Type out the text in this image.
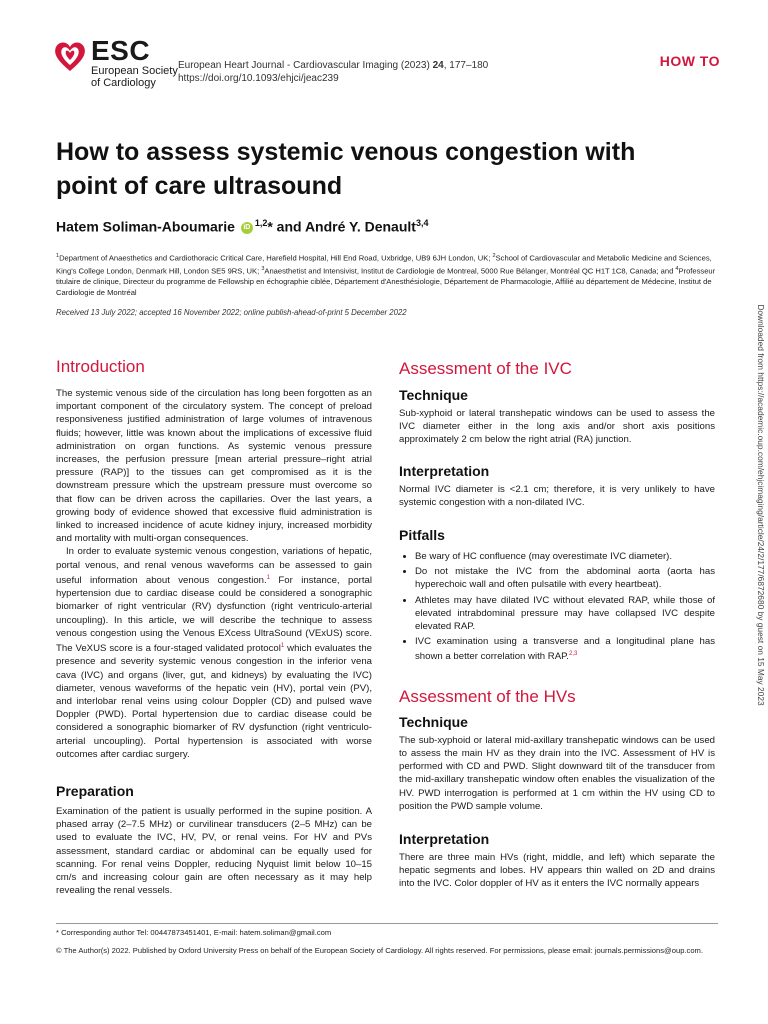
ESC
European Society
of Cardiology
European Heart Journal - Cardiovascular Imaging (2023) 24, 177–180
https://doi.org/10.1093/ehjci/jeac239
HOW TO
How to assess systemic venous congestion with point of care ultrasound
Hatem Soliman-Aboumarie iD $^{1,2}$* and André Y. Denault$^{3,4}$
$^1$Department of Anaesthetics and Cardiothoracic Critical Care, Harefield Hospital, Hill End Road, Uxbridge, UB9 6JH London, UK; $^2$School of Cardiovascular and Metabolic Medicine and Sciences, King's College London, Denmark Hill, London SE5 9RS, UK; $^3$Anaesthetist and Intensivist, Institut de Cardiologie de Montreal, 5000 Rue Bélanger, Montréal QC H1T 1C8, Canada; and $^4$Professeur titulaire de clinique, Directeur du programme de Fellowship en échographie ciblée, Département d'Anesthésiologie, Département de Pharmacologie, Affilié au département de Médecine, Institut de Cardiologie de Montréal
Received 13 July 2022; accepted 16 November 2022; online publish-ahead-of-print 5 December 2022
Introduction

The systemic venous side of the circulation has long been forgotten as an important component of the circulatory system. The concept of preload responsiveness justified administration of large volumes of intravenous fluids; however, little was known about the implications of excessive fluid administration on organ functions. As systemic venous pressure increases, the perfusion pressure [mean arterial pressure–right atrial pressure (RAP)] to the tissues can get compromised as it is the downstream pressure which the upstream pressure must overcome so that flow can be driven across the capillaries. Over the last years, a growing body of evidence showed that excessive fluid administration is linked to increased incidence of acute kidney injury, increased morbidity and mortality with multi-organ consequences.

In order to evaluate systemic venous congestion, variations of hepatic, portal venous, and renal venous waveforms can be assessed to gain useful information about venous congestion.$^1$ For instance, portal hypertension due to cardiac disease could be considered a sonographic biomarker of right ventricular (RV) dysfunction (right ventriculo-arterial uncoupling). In this article, we will describe the technique to assess venous congestion using the Venous EXcess UltraSound (VExUS) score. The VeXUS score is a four-staged validated protocol$^1$ which evaluates the presence and severity systemic venous congestion in the inferior vena cava (IVC) and organs (liver, gut, and kidneys) by evaluating the IVC) diameter, venous waveforms of the hepatic vein (HV), portal vein (PV), and interlobar renal veins using colour Doppler (CD) and pulsed wave Doppler (PWD). Portal hypertension due to cardiac disease could be considered a sonographic biomarker of RV dysfunction (right ventriculo-arterial uncoupling). Portal hypertension is associated with worse outcomes after cardiac surgery.

Preparation

Examination of the patient is usually performed in the supine position. A phased array (2–7.5 MHz) or curvilinear transducers (2–5 MHz) can be used to evaluate the IVC, HV, PV, or renal veins. For HV and PVs assessment, standard cardiac or abdominal can be equally used for scanning. For renal veins Doppler, reducing Nyquist limit below 10–15 cm/s and increasing colour gain are often necessary as it may help revealing the renal vessels.

Assessment of the IVC
Technique

Sub-xyphoid or lateral transhepatic windows can be used to assess the IVC diameter either in the long axis and/or short axis positions approximately 2 cm below the right atrial (RA) junction.

Interpretation

Normal IVC diameter is <2.1 cm; therefore, it is very unlikely to have systemic congestion with a non-dilated IVC.

Pitfalls
• Be wary of HC confluence (may overestimate IVC diameter).
• Do not mistake the IVC from the abdominal aorta (aorta has hyperechoic wall and often pulsatile with every heartbeat).
• Athletes may have dilated IVC without elevated RAP, while those of elevated intrabdominal pressure may have collapsed IVC despite elevated RAP.
• IVC examination using a transverse and a longitudinal plane has shown a better correlation with RAP.$^{2,3}$
Assessment of the HVs
Technique

The sub-xyphoid or lateral mid-axillary transhepatic windows can be used to assess the main HV as they drain into the IVC. Assessment of HV is performed with CD and PWD. Slight downward tilt of the transducer from the mid-axillary transhepatic window often enables the visualization of the HV. PWD interrogation is performed at 1 cm within the HV using CD to position the PWD sample volume.

Interpretation

There are three main HVs (right, middle, and left) which separate the hepatic segments and lobes. HV appears thin walled on 2D and drains into the IVC. Color doppler of HV as it enters the IVC normally appears

* Corresponding author Tel: 00447873451401, E-mail: hatem.soliman@gmail.com
© The Author(s) 2022. Published by Oxford University Press on behalf of the European Society of Cardiology. All rights reserved. For permissions, please email: journals.permissions@oup.com.
Downloaded from https://academic.oup.com/ehjcimaging/article/24/2/177/6872680 by guest on 15 May 2023
